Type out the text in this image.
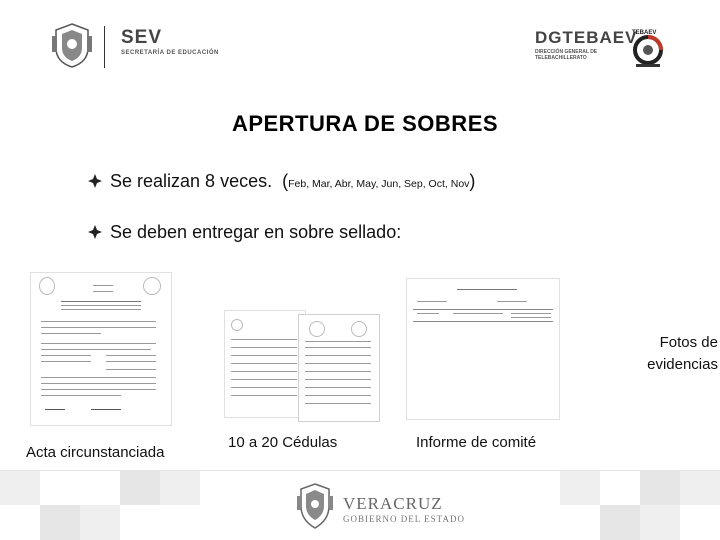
SEV
SECRETARÍA DE EDUCACIÓN
DGTEBAEV
DIRECCIÓN GENERAL DE TELEBACHILLERATO
TEBAEV
APERTURA DE SOBRES
Se realizan 8 veces. (Feb, Mar, Abr, May, Jun, Sep, Oct, Nov)
Se deben entregar en sobre sellado:
Acta circunstanciada
10 a 20 Cédulas	Informe de comité
Fotos de
evidencias
VERACRUZ
GOBIERNO DEL ESTADO
